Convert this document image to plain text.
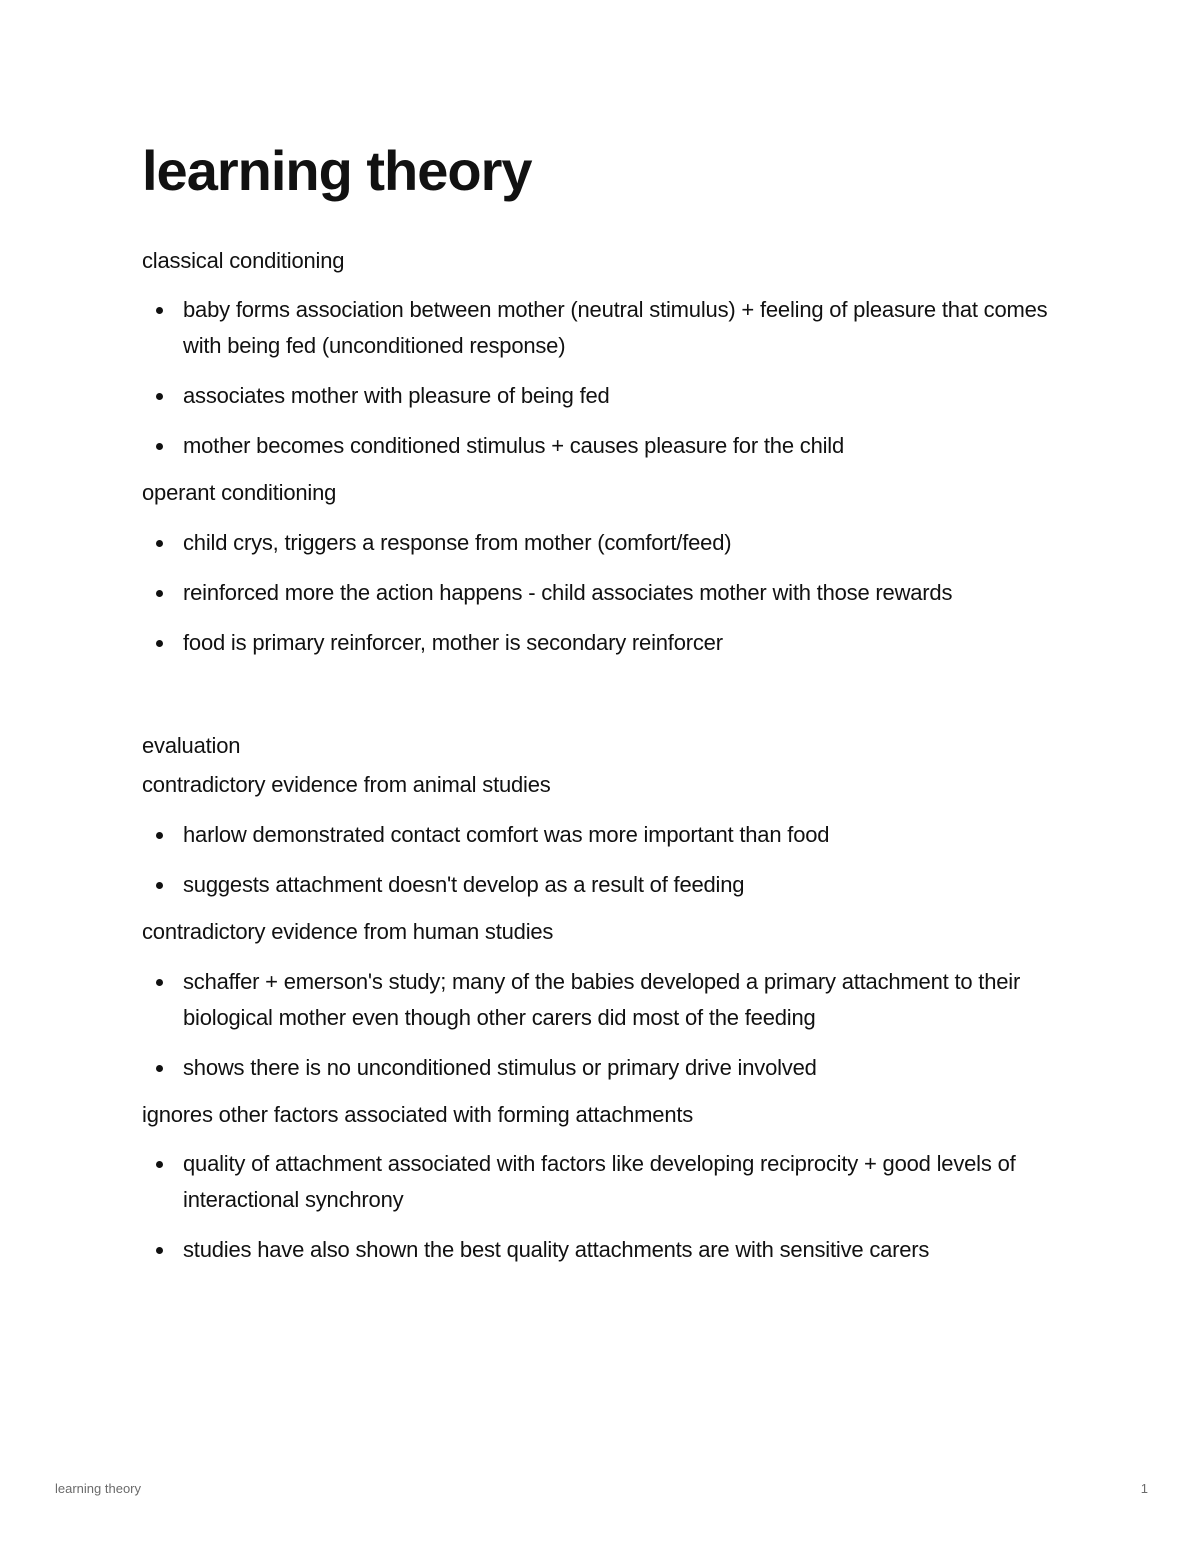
learning theory

classical conditioning

baby forms association between mother (neutral stimulus) + feeling of pleasure that comes with being fed (unconditioned response)
associates mother with pleasure of being fed
mother becomes conditioned stimulus + causes pleasure for the child

operant conditioning

child crys, triggers a response from mother (comfort/feed)
reinforced more the action happens - child associates mother with those rewards
food is primary reinforcer, mother is secondary reinforcer

evaluation

contradictory evidence from animal studies

harlow demonstrated contact comfort was more important than food
suggests attachment doesn't develop as a result of feeding

contradictory evidence from human studies

schaffer + emerson's study; many of the babies developed a primary attachment to their biological mother even though other carers did most of the feeding
shows there is no unconditioned stimulus or primary drive involved

ignores other factors associated with forming attachments

quality of attachment associated with factors like developing reciprocity + good levels of interactional synchrony
studies have also shown the best quality attachments are with sensitive carers
learning theory	1
